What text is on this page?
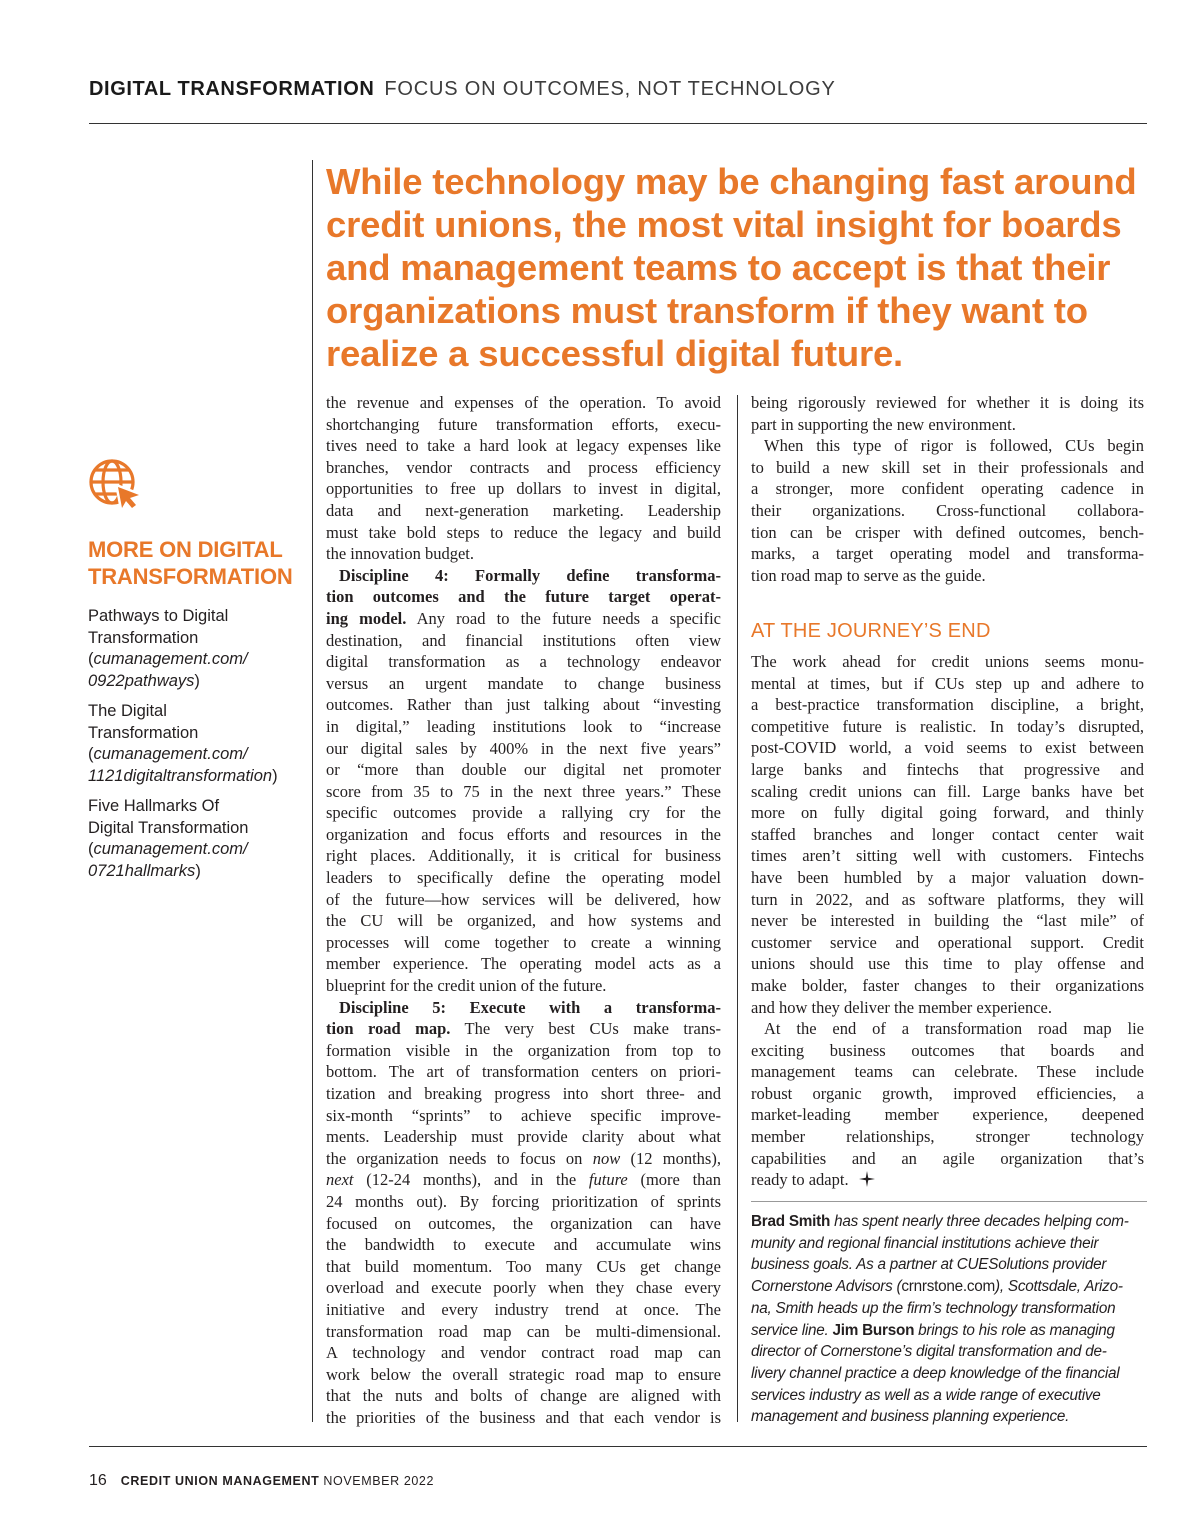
DIGITAL TRANSFORMATION FOCUS ON OUTCOMES, NOT TECHNOLOGY
While technology may be changing fast around
credit unions, the most vital insight for boards
and management teams to accept is that their
organizations must transform if they want to
realize a successful digital future.
MORE ON DIGITAL
TRANSFORMATION
Pathways to Digital
Transformation
(cumanagement.com/
0922pathways)
The Digital
Transformation
(cumanagement.com/
1121digitaltransformation)
Five Hallmarks Of
Digital Transformation
(cumanagement.com/
0721hallmarks)
the revenue and expenses of the operation. To avoid
shortchanging future transformation efforts, execu-
tives need to take a hard look at legacy expenses like
branches, vendor contracts and process efficiency
opportunities to free up dollars to invest in digital,
data and next-generation marketing. Leadership
must take bold steps to reduce the legacy and build
the innovation budget.
Discipline 4: Formally define transforma-
tion outcomes and the future target operat-
ing model. Any road to the future needs a specific
destination, and financial institutions often view
digital transformation as a technology endeavor
versus an urgent mandate to change business
outcomes. Rather than just talking about “investing
in digital,” leading institutions look to “increase
our digital sales by 400% in the next five years”
or “more than double our digital net promoter
score from 35 to 75 in the next three years.” These
specific outcomes provide a rallying cry for the
organization and focus efforts and resources in the
right places. Additionally, it is critical for business
leaders to specifically define the operating model
of the future—how services will be delivered, how
the CU will be organized, and how systems and
processes will come together to create a winning
member experience. The operating model acts as a
blueprint for the credit union of the future.
Discipline 5: Execute with a transforma-
tion road map. The very best CUs make trans-
formation visible in the organization from top to
bottom. The art of transformation centers on priori-
tization and breaking progress into short three- and
six-month “sprints” to achieve specific improve-
ments. Leadership must provide clarity about what
the organization needs to focus on now (12 months),
next (12-24 months), and in the future (more than
24 months out). By forcing prioritization of sprints
focused on outcomes, the organization can have
the bandwidth to execute and accumulate wins
that build momentum. Too many CUs get change
overload and execute poorly when they chase every
initiative and every industry trend at once. The
transformation road map can be multi-dimensional.
A technology and vendor contract road map can
work below the overall strategic road map to ensure
that the nuts and bolts of change are aligned with
the priorities of the business and that each vendor is
being rigorously reviewed for whether it is doing its
part in supporting the new environment.
When this type of rigor is followed, CUs begin
to build a new skill set in their professionals and
a stronger, more confident operating cadence in
their organizations. Cross-functional collabora-
tion can be crisper with defined outcomes, bench-
marks, a target operating model and transforma-
tion road map to serve as the guide.
AT THE JOURNEY’S END
The work ahead for credit unions seems monu-
mental at times, but if CUs step up and adhere to
a best-practice transformation discipline, a bright,
competitive future is realistic. In today’s disrupted,
post-COVID world, a void seems to exist between
large banks and fintechs that progressive and
scaling credit unions can fill. Large banks have bet
more on fully digital going forward, and thinly
staffed branches and longer contact center wait
times aren’t sitting well with customers. Fintechs
have been humbled by a major valuation down-
turn in 2022, and as software platforms, they will
never be interested in building the “last mile” of
customer service and operational support. Credit
unions should use this time to play offense and
make bolder, faster changes to their organizations
and how they deliver the member experience.
At the end of a transformation road map lie
exciting business outcomes that boards and
management teams can celebrate. These include
robust organic growth, improved efficiencies, a
market-leading member experience, deepened
member relationships, stronger technology
capabilities and an agile organization that’s
ready to adapt.
Brad Smith has spent nearly three decades helping com-
munity and regional financial institutions achieve their
business goals. As a partner at CUESolutions provider
Cornerstone Advisors (crnrstone.com), Scottsdale, Arizo-
na, Smith heads up the firm’s technology transformation
service line. Jim Burson brings to his role as managing
director of Cornerstone’s digital transformation and de-
livery channel practice a deep knowledge of the financial
services industry as well as a wide range of executive
management and business planning experience.
16 CREDIT UNION MANAGEMENT NOVEMBER 2022
